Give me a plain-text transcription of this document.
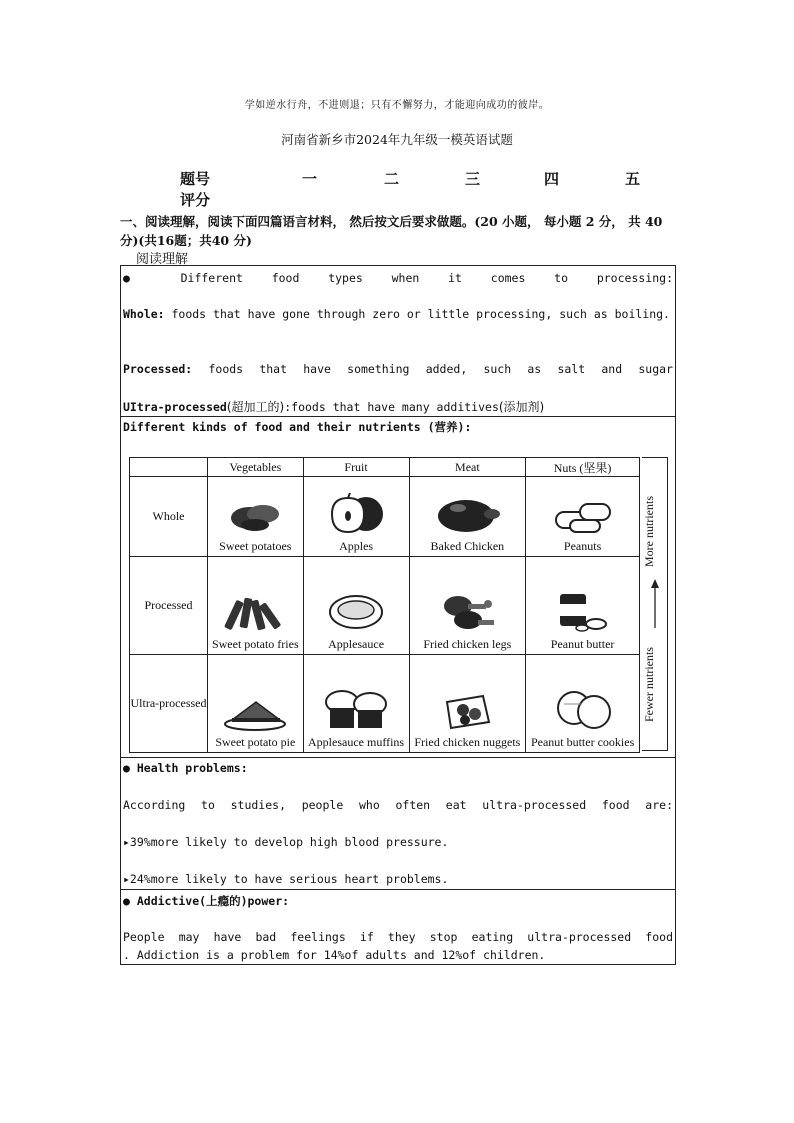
学如逆水行舟，不进则退；只有不懈努力，才能迎向成功的彼岸。
河南省新乡市2024年九年级一模英语试题
题号	一	二	三	四	五
评分
一、阅读理解，阅读下面四篇语言材料， 然后按文后要求做题。(20 小题， 每小题 2 分， 共 40 分)(共16题；共40 分)
阅读理解
● Different food types when it comes to processing:
Whole: foods that have gone through zero or little processing, such as boiling.
Processed: foods that have something added, such as salt and sugar
UItra-processed(超加工的):foods that have many additives(添加剂)
Different kinds of food and their nutrients (营养):
	Vegetables	Fruit	Meat	Nuts (坚果)
Whole	Sweet potatoes	Apples	Baked Chicken	Peanuts

Processed	Sweet potato fries	Applesauce	Fried chicken legs	Peanut butter

Ultra-processed	Sweet potato pie	Applesauce muffins	Fried chicken nuggets	Peanut butter cookies
More nutrients
Fewer nutrients
● Health problems:
According to studies, people who often eat ultra-processed food are:
▸39%more likely to develop high blood pressure.
▸24%more likely to have serious heart problems.
● Addictive(上瘾的)power:
People may have bad feelings if they stop eating ultra-processed food
. Addiction is a problem for 14%of adults and 12%of children.
